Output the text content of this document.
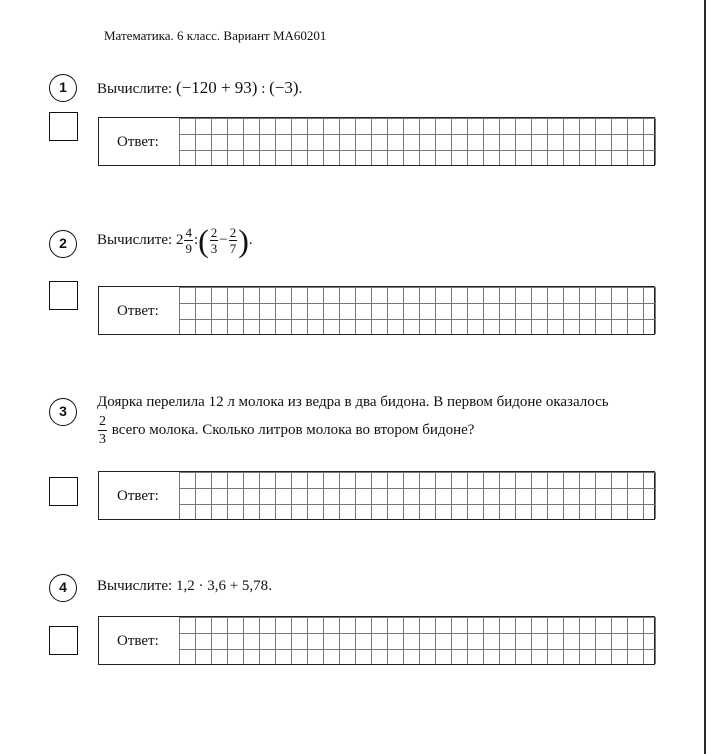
Математика. 6 класс. Вариант МА60201
1	Вычислите: (−120 + 93) : (−3).
Ответ:
2	Вычислите: $2 \frac{4}{9}$ :( $\frac{2}{3} - \frac{2}{7}$ ).
Ответ:
3
Доярка перелила 12 л молока из ведра в два бидона. В первом бидоне оказалось
$\frac{2}{3}$ всего молока. Сколько литров молока во втором бидоне?
Ответ:
4	Вычислите: 1,2 · 3,6 + 5,78.
Ответ:
